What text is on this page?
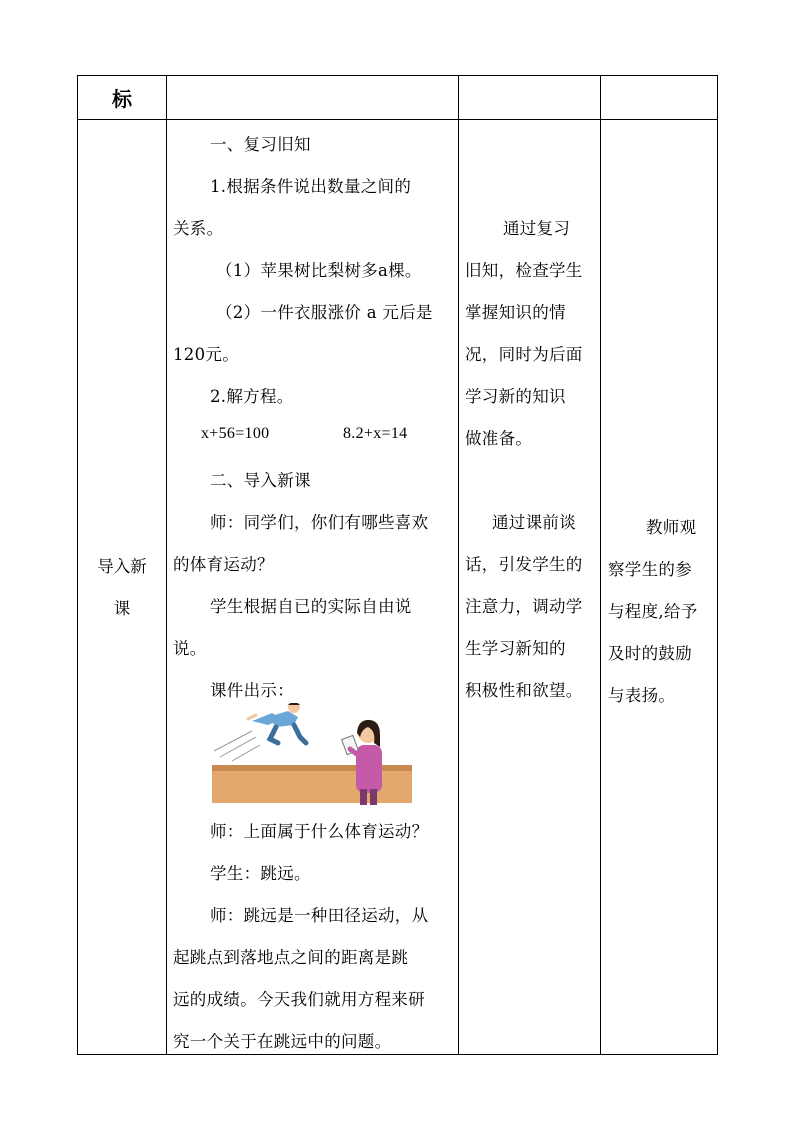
标
导入新
课
一、复习旧知
1.根据条件说出数量之间的
关系。
（1）苹果树比梨树多a棵。
（2）一件衣服涨价 a 元后是
120元。
2.解方程。
x+56=100	8.2+x=14
二、导入新课
师：同学们，你们有哪些喜欢
的体育运动？
学生根据自已的实际自由说
说。
课件出示：
师：上面属于什么体育运动？
学生：跳远。
师：跳远是一种田径运动，从
起跳点到落地点之间的距离是跳
远的成绩。今天我们就用方程来研
究一个关于在跳远中的问题。
通过复习
旧知，检查学生
掌握知识的情
况，同时为后面
学习新的知识
做准备。
通过课前谈
话，引发学生的
注意力，调动学
生学习新知的
积极性和欲望。
教师观
察学生的参
与程度,给予
及时的鼓励
与表扬。
